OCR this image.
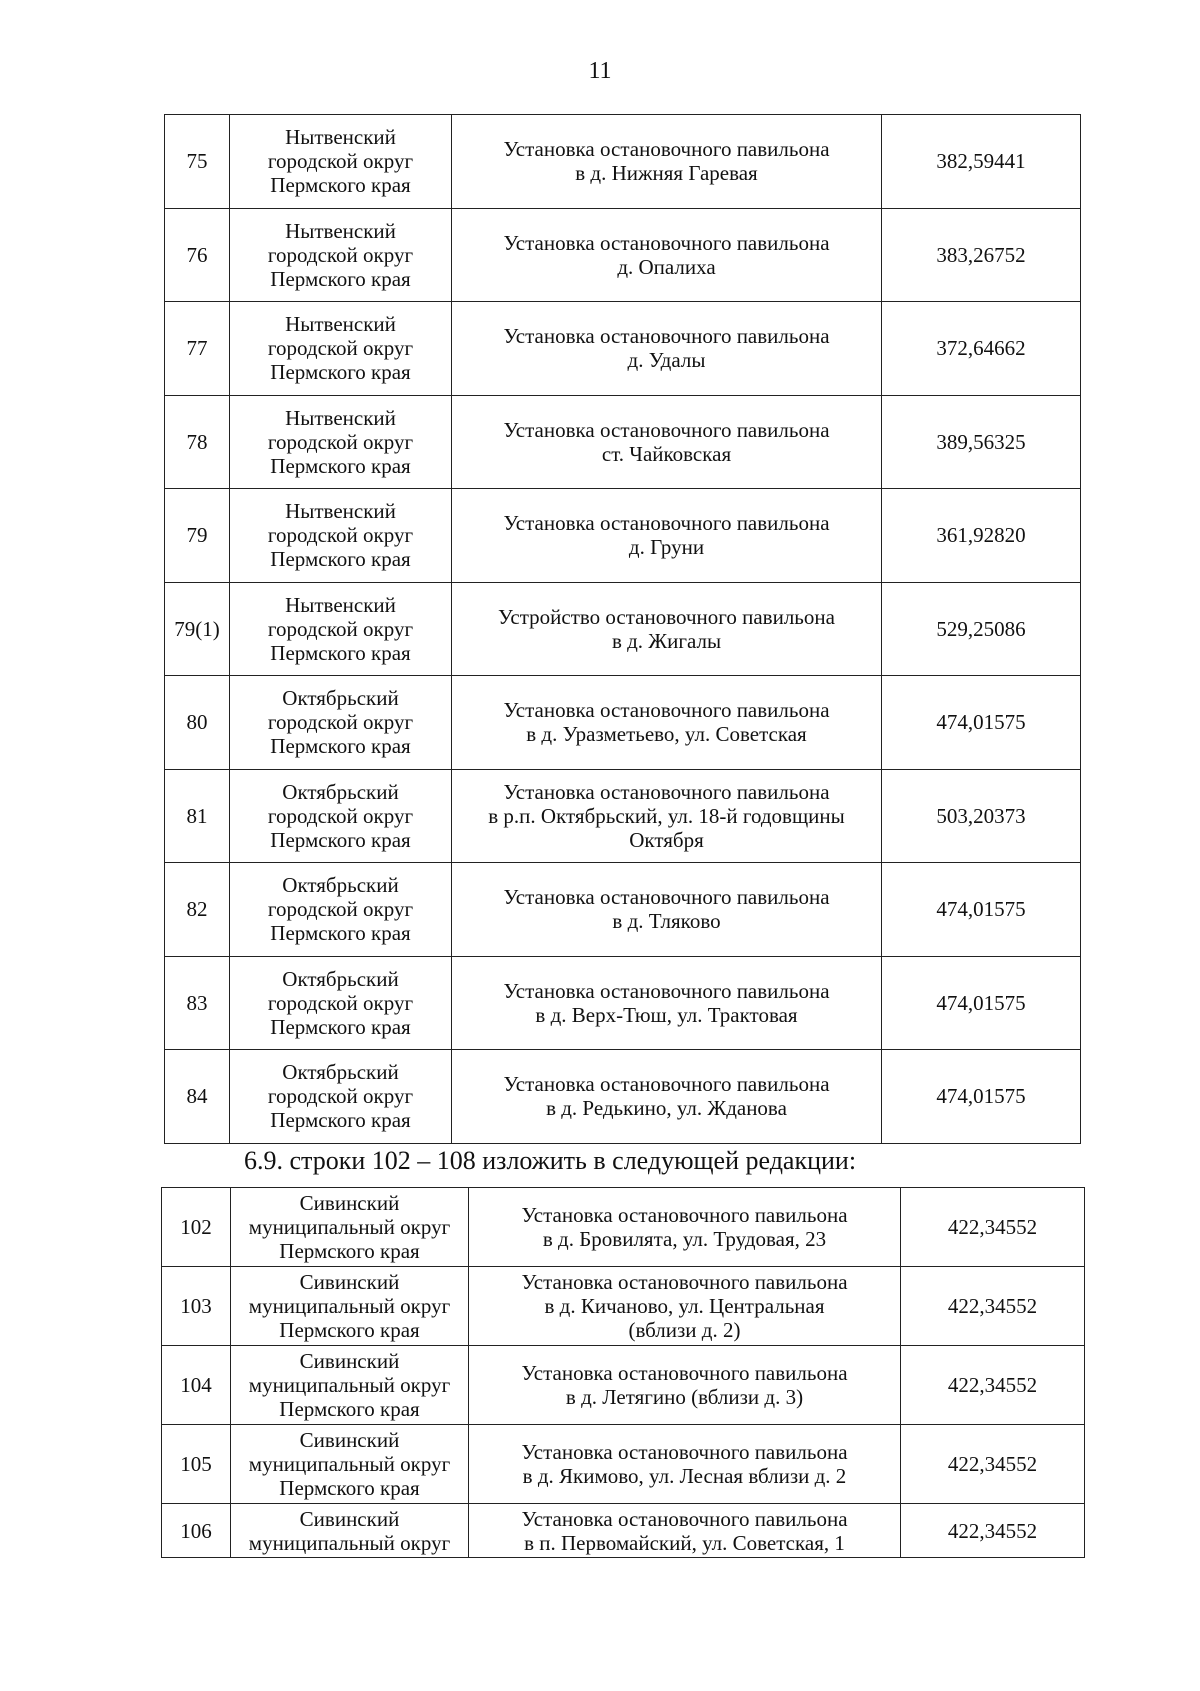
11
75	Нытвенский
городской округ
Пермского края	Установка остановочного павильона
в д. Нижняя Гаревая	382,59441
76	Нытвенский
городской округ
Пермского края	Установка остановочного павильона
д. Опалиха	383,26752
77	Нытвенский
городской округ
Пермского края	Установка остановочного павильона
д. Удалы	372,64662
78	Нытвенский
городской округ
Пермского края	Установка остановочного павильона
ст. Чайковская	389,56325
79	Нытвенский
городской округ
Пермского края	Установка остановочного павильона
д. Груни	361,92820
79(1)	Нытвенский
городской округ
Пермского края	Устройство остановочного павильона
в д. Жигалы	529,25086
80	Октябрьский
городской округ
Пермского края	Установка остановочного павильона
в д. Уразметьево, ул. Советская	474,01575
81	Октябрьский
городской округ
Пермского края	Установка остановочного павильона
в р.п. Октябрьский, ул. 18-й годовщины
Октября	503,20373
82	Октябрьский
городской округ
Пермского края	Установка остановочного павильона
в д. Тляково	474,01575
83	Октябрьский
городской округ
Пермского края	Установка остановочного павильона
в д. Верх-Тюш, ул. Трактовая	474,01575
84	Октябрьский
городской округ
Пермского края	Установка остановочного павильона
в д. Редькино, ул. Жданова	474,01575
6.9. строки 102 – 108 изложить в следующей редакции:
102	Сивинский
муниципальный округ
Пермского края	Установка остановочного павильона
в д. Бровилята, ул. Трудовая, 23	422,34552
103	Сивинский
муниципальный округ
Пермского края	Установка остановочного павильона
в д. Кичаново, ул. Центральная
(вблизи д. 2)	422,34552
104	Сивинский
муниципальный округ
Пермского края	Установка остановочного павильона
в д. Летягино (вблизи д. 3)	422,34552
105	Сивинский
муниципальный округ
Пермского края	Установка остановочного павильона
в д. Якимово, ул. Лесная вблизи д. 2	422,34552
106	Сивинский
муниципальный округ	Установка остановочного павильона
в п. Первомайский, ул. Советская, 1	422,34552
